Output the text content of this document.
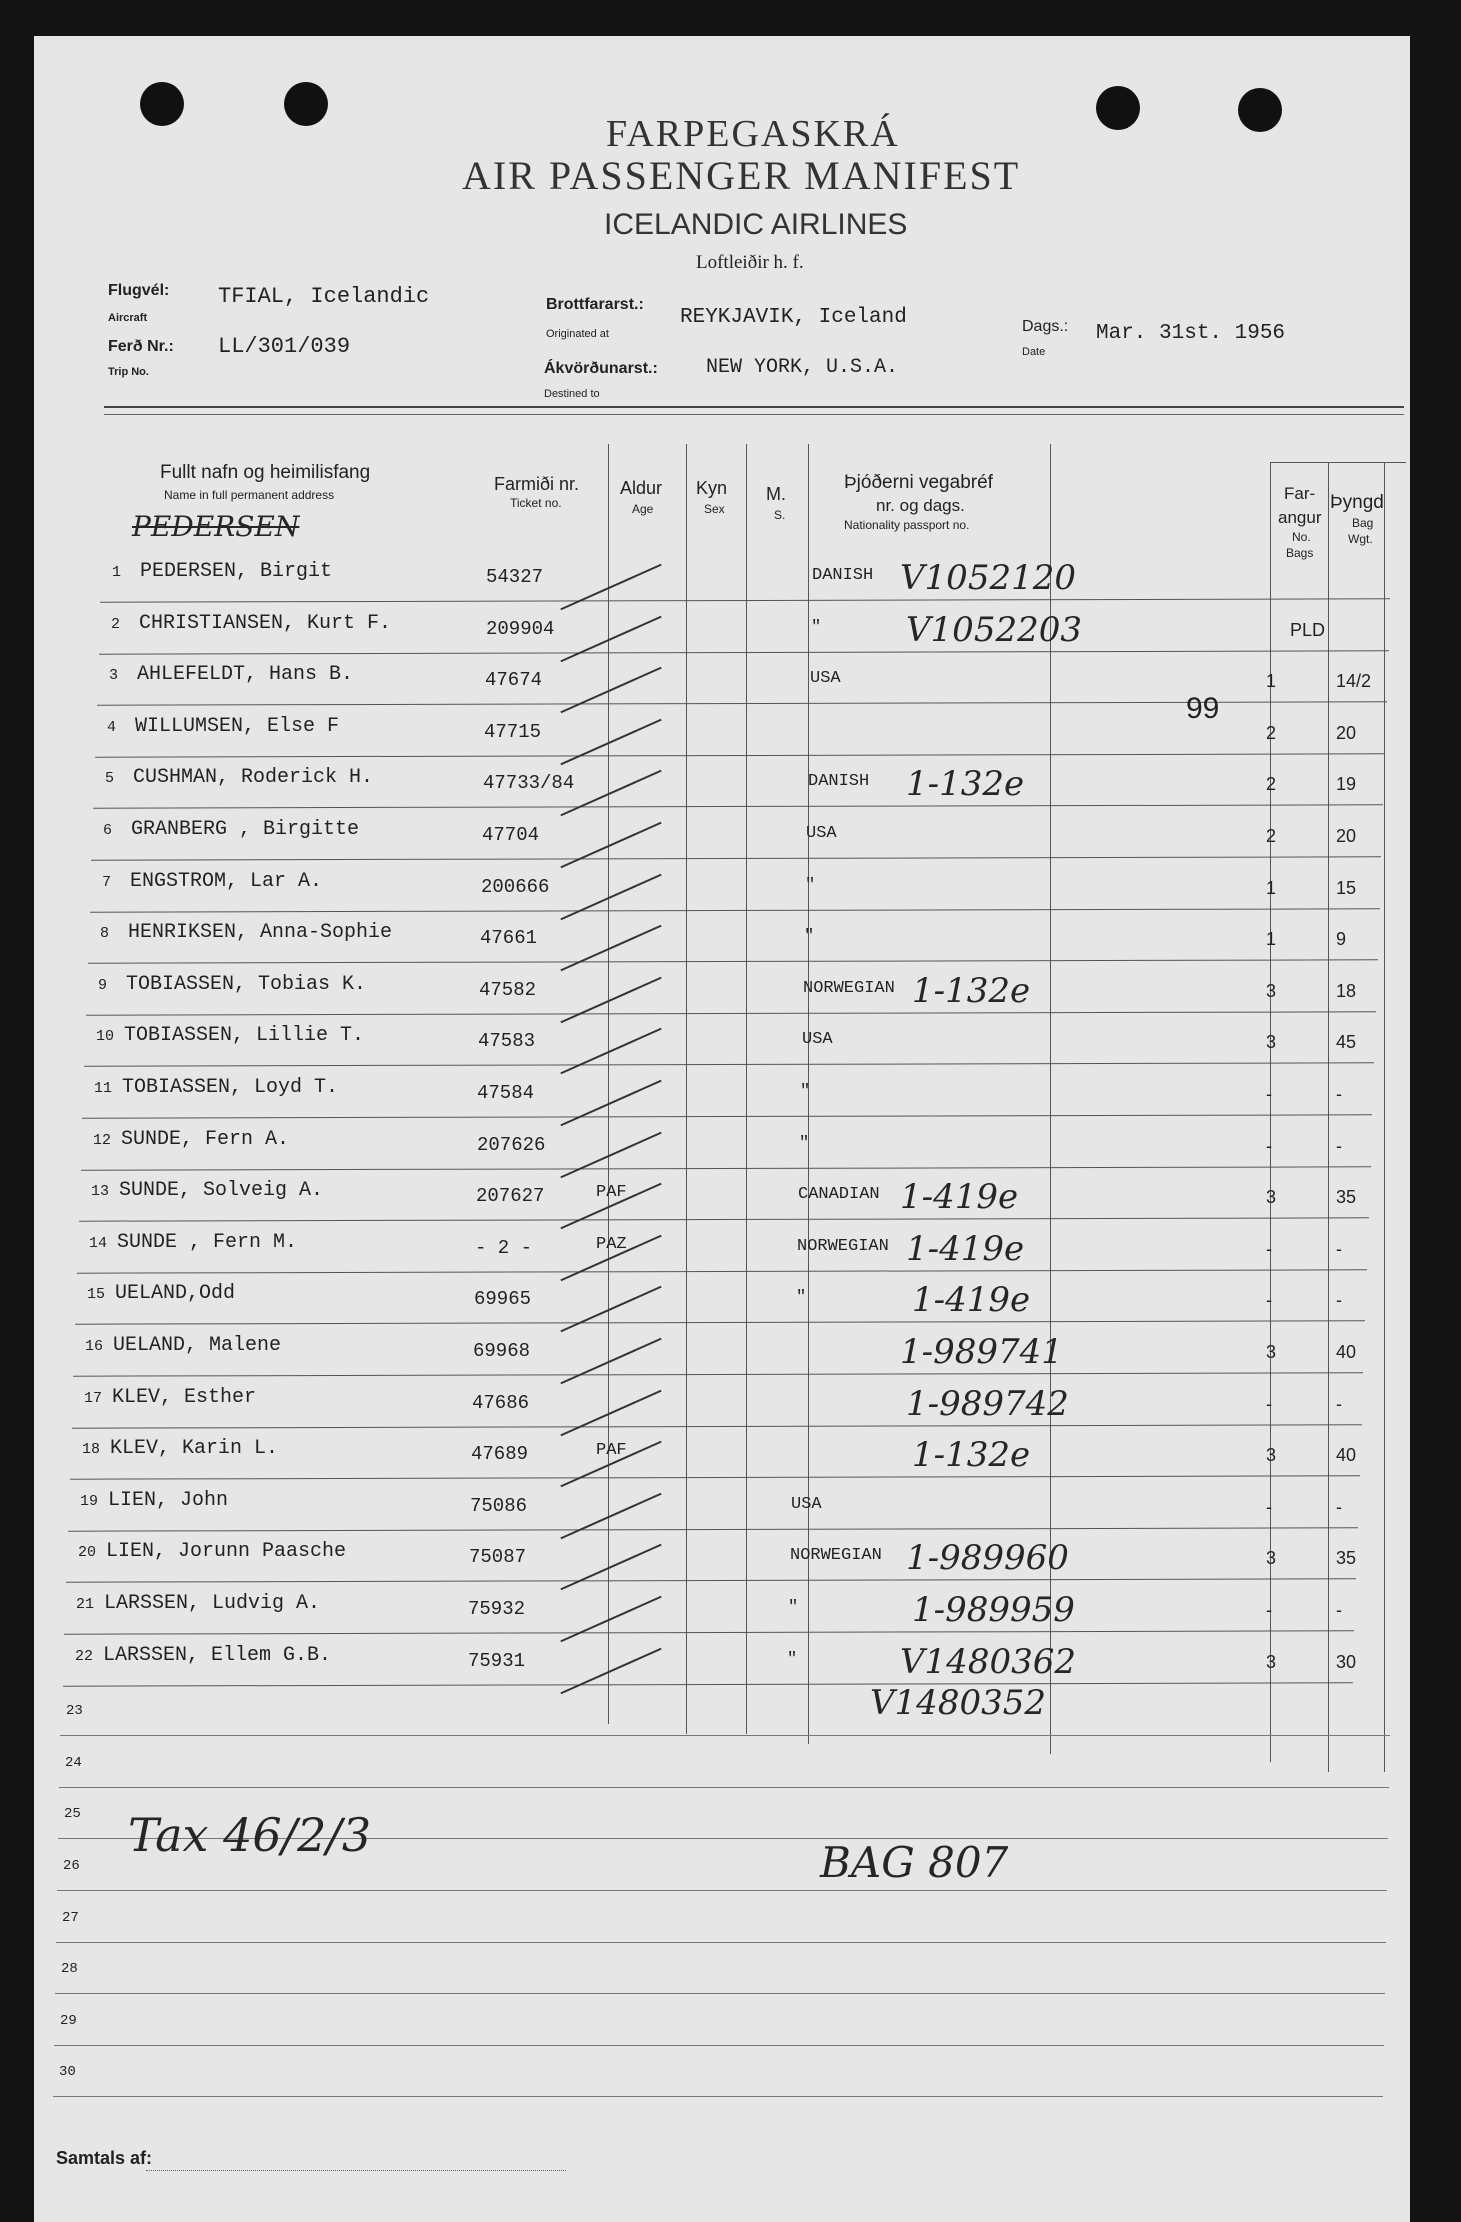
FARPEGASKRÁ
AIR PASSENGER MANIFEST
ICELANDIC AIRLINES
Loftleiðir h. f.
Flugvél:
Aircraft
TFIAL, Icelandic
Ferð Nr.:
Trip No.
LL/301/039
Brottfararst.:
Originated at
REYKJAVIK, Iceland
Ákvörðunarst.:
Destined to
NEW YORK, U.S.A.
Dags.:
Date
Mar. 31st. 1956
Fullt nafn og heimilisfang
Name in full permanent address
Farmiði nr.
Ticket no.
Aldur
Age
Kyn
Sex
M.
S.
Þjóðerni vegabréf
nr. og dags.
Nationality passport no.
Far-
angur
No.
Bags
Þyngd
Bag
Wgt.
1 PEDERSEN, Birgit	54327	DANISH V1052120
2 CHRISTIANSEN, Kurt F.	209904	" V1052203	PLD
3 AHLEFELDT, Hans B.	47674	USA	1	14/2
4 WILLUMSEN, Else F	47715	2	20
5 CUSHMAN, Roderick H.	47733/84	DANISH 1-132e	2	19
6 GRANBERG , Birgitte	47704	USA	2	20
7 ENGSTROM, Lar A.	200666	"	1	15
8 HENRIKSEN, Anna-Sophie	47661	"	1	9
9 TOBIASSEN, Tobias K.	47582	NORWEGIAN 1-132e	3	18
10 TOBIASSEN, Lillie T.	47583	USA	3	45
11 TOBIASSEN, Loyd T.	47584	"	-	-
12 SUNDE, Fern A.	207626	"	-	-
13 SUNDE, Solveig A.	207627	PAF	CANADIAN 1-419e	3	35
14 SUNDE , Fern M.	- 2 -	PAZ	NORWEGIAN 1-419e	-	-
15 UELAND,Odd	69965	"	1-419e	-	-
16 UELAND, Malene	69968	1-989741	3	40
17 KLEV, Esther	47686	1-989742	-	-
18 KLEV, Karin L.	47689	PAF	1-132e	3	40
19 LIEN, John	75086	USA	-	-
20 LIEN, Jorunn Paasche	75087	NORWEGIAN 1-989960	3	35
21 LARSSEN, Ludvig A.	75932	"	1-989959	-	-
22 LARSSEN, Ellem G.B.	75931	"	V1480362	3	30
V1480352
23
24
25
26
27
28
29
30
PEDERSEN
99
Tax 46/2/3
BAG 807
Samtals af:
